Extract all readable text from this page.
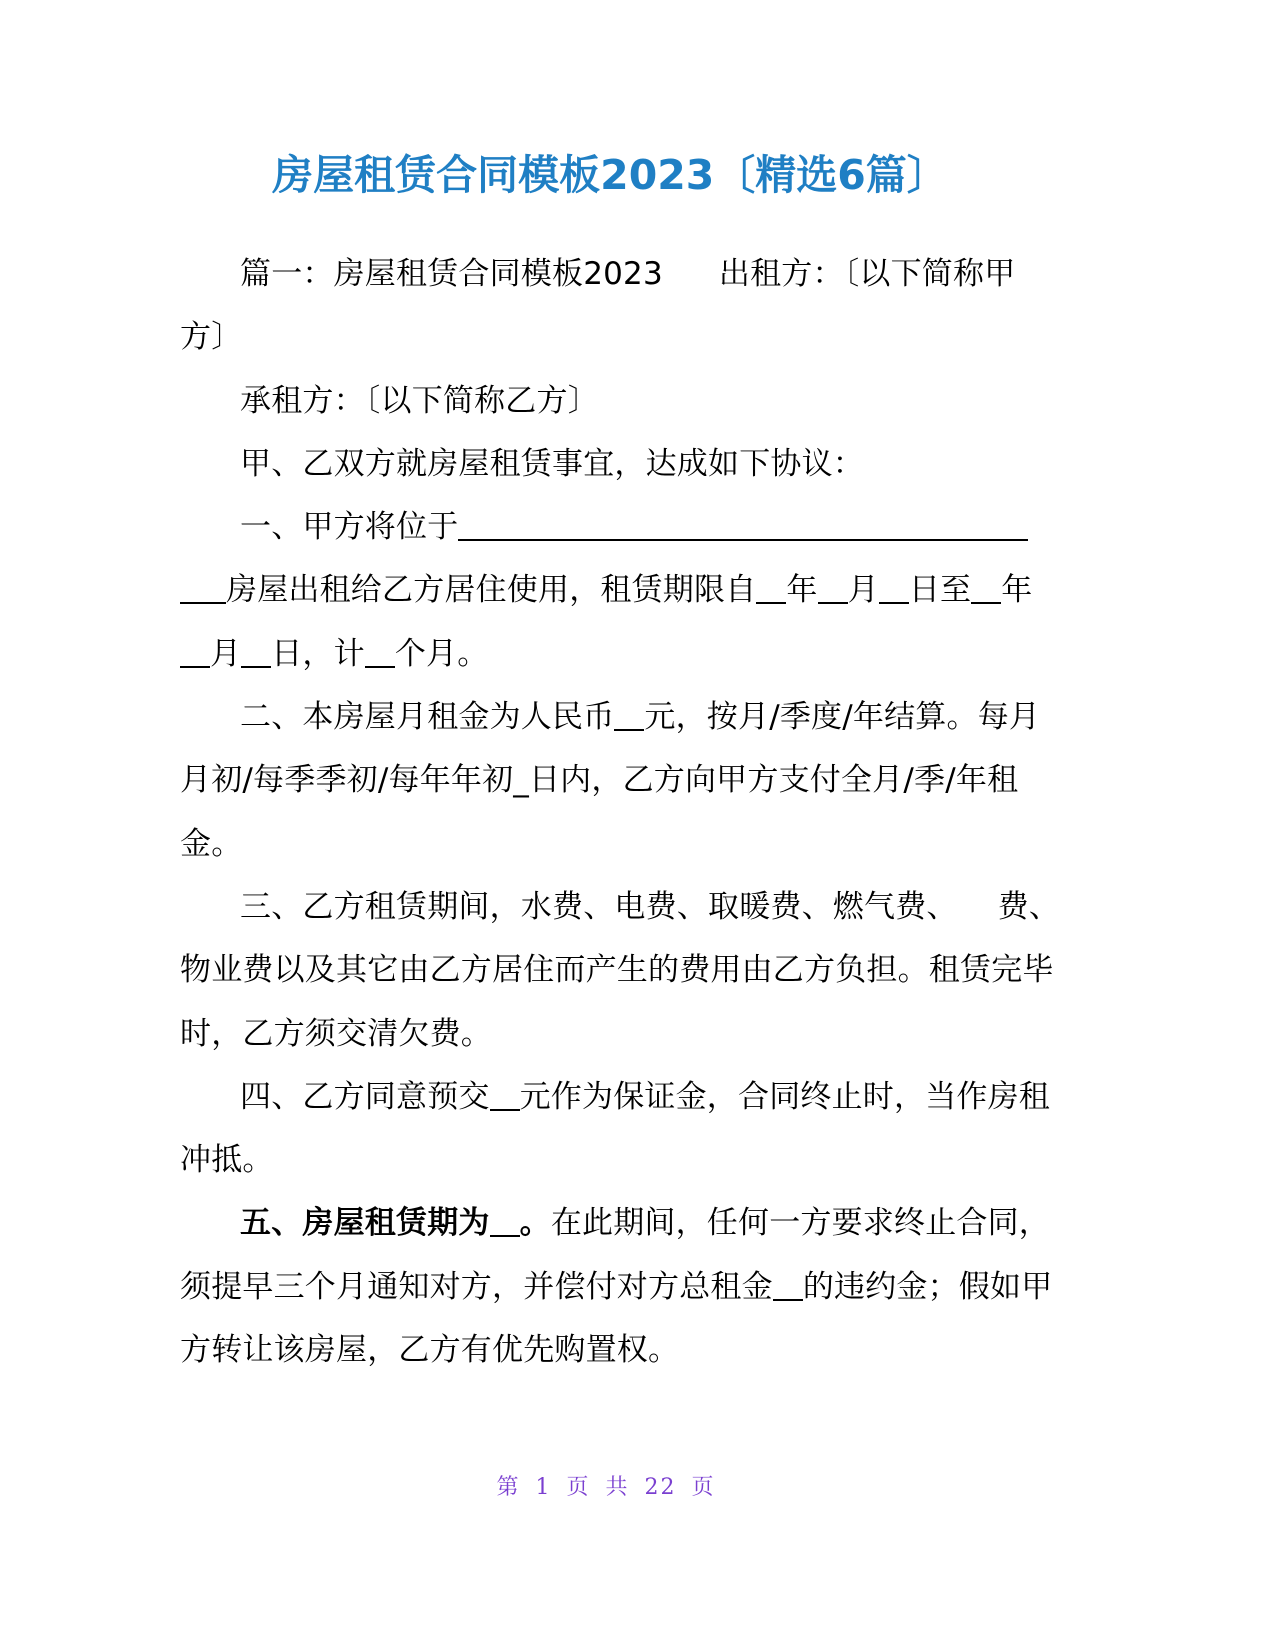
房屋租赁合同模板2023〔精选6篇〕

篇一：房屋租赁合同模板2023 出租方：〔以下简称甲方〕

承租方：〔以下简称乙方〕

甲、乙双方就房屋租赁事宜，达成如下协议：

一、甲方将位于房屋出租给乙方居住使用，租赁期限自 年 月 日至 年月 日，计 个月。

二、本房屋月租金为人民币 元，按月/季度/年结算。每月月初/每季季初/每年年初_日内，乙方向甲方支付全月/季/年租金。

三、乙方租赁期间，水费、电费、取暖费、燃气费、 费、物业费以及其它由乙方居住而产生的费用由乙方负担。租赁完毕时，乙方须交清欠费。

四、乙方同意预交 元作为保证金，合同终止时，当作房租冲抵。

五、房屋租赁期为 。在此期间，任何一方要求终止合同，须提早三个月通知对方，并偿付对方总租金 的违约金；假如甲方转让该房屋，乙方有优先购置权。

第 1 页 共 22 页
